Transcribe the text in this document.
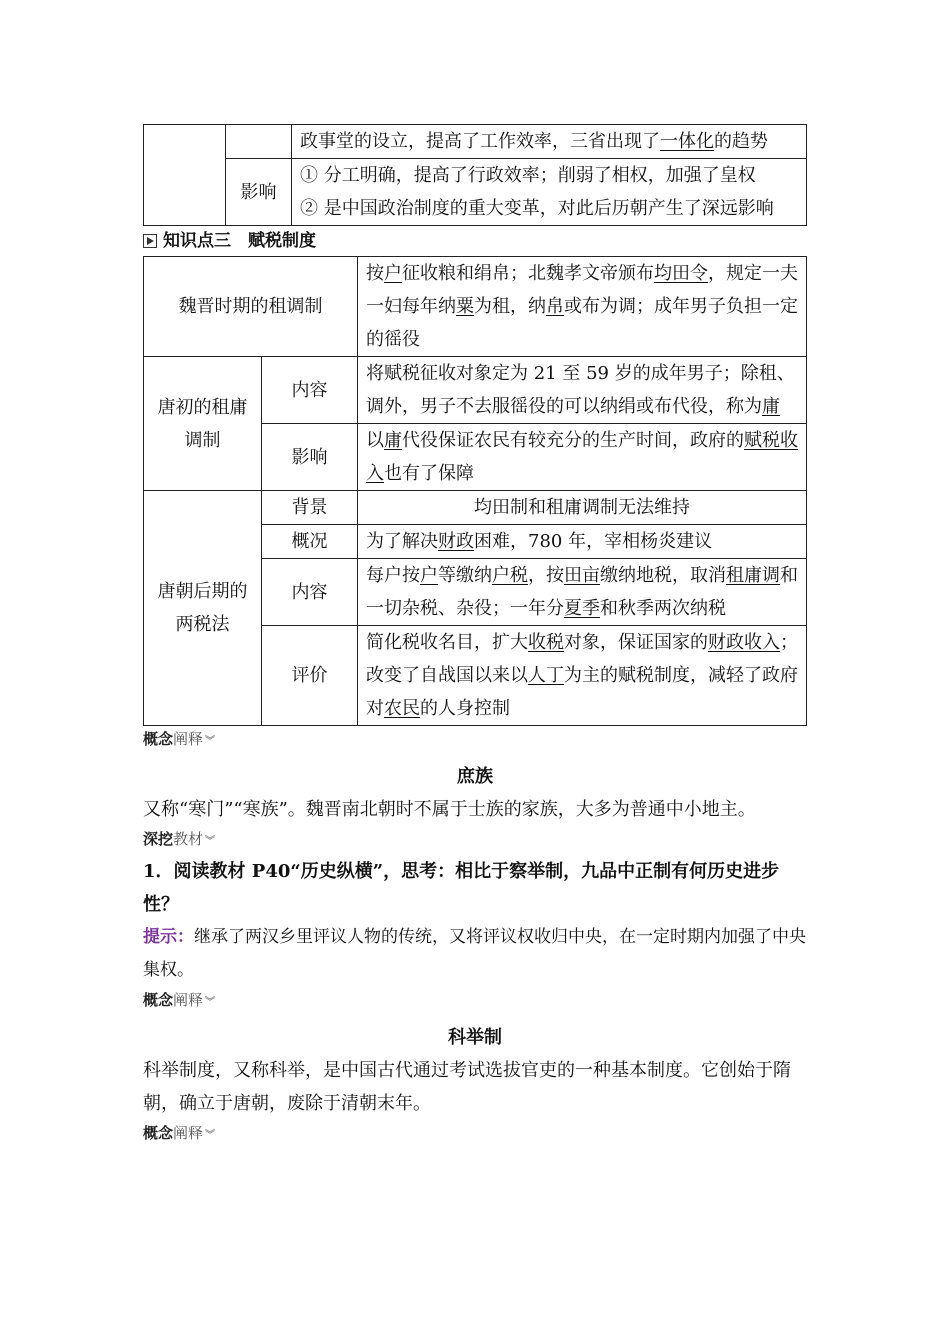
		政事堂的设立，提高了工作效率，三省出现了一体化的趋势
	影响	① 分工明确，提高了行政效率；削弱了相权，加强了皇权
② 是中国政治制度的重大变革，对此后历朝产生了深远影响
知识点三　赋税制度
魏晋时期的租调制		按户征收粮和绢帛；北魏孝文帝颁布均田令，规定一夫一妇每年纳粟为租，纳帛或布为调；成年男子负担一定的徭役
唐初的租庸调制	内容	将赋税征收对象定为 21 至 59 岁的成年男子；除租、调外，男子不去服徭役的可以纳绢或布代役，称为庸
	影响	以庸代役保证农民有较充分的生产时间，政府的赋税收入也有了保障
唐朝后期的两税法	背景	均田制和租庸调制无法维持
	概况	为了解决财政困难，780 年，宰相杨炎建议
	内容	每户按户等缴纳户税，按田亩缴纳地税，取消租庸调和一切杂税、杂役；一年分夏季和秋季两次纳税
	评价	简化税收名目，扩大收税对象，保证国家的财政收入；改变了自战国以来以人丁为主的赋税制度，减轻了政府对农民的人身控制
概念阐释 ︾
庶族
又称“寒门”“寒族”。魏晋南北朝时不属于士族的家族，大多为普通中小地主。
深挖教材 ︾
1．阅读教材 P40“历史纵横”，思考：相比于察举制，九品中正制有何历史进步性？
提示：继承了两汉乡里评议人物的传统，又将评议权收归中央，在一定时期内加强了中央集权。
概念阐释 ︾
科举制
科举制度，又称科举，是中国古代通过考试选拔官吏的一种基本制度。它创始于隋朝，确立于唐朝，废除于清朝末年。
概念阐释 ︾
